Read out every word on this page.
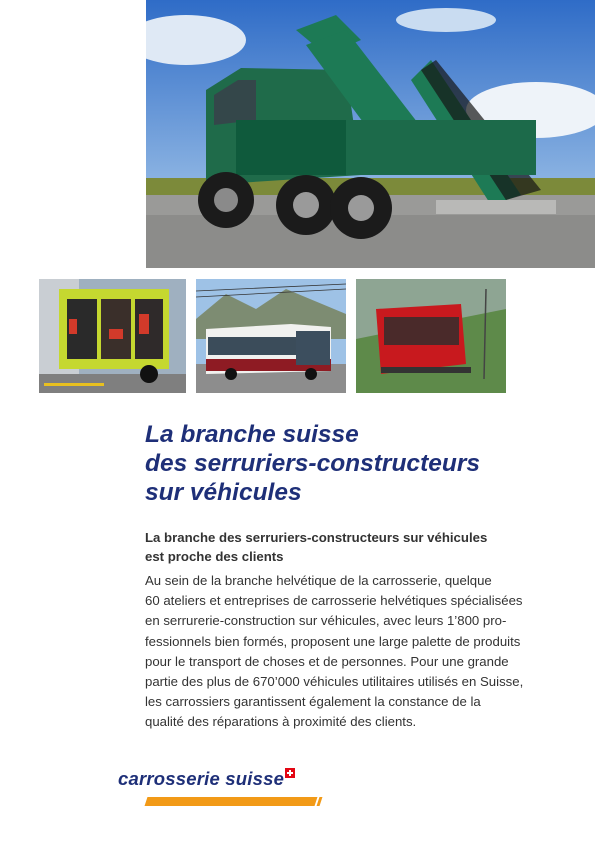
La branche suisse
des serruriers-constructeurs
sur véhicules

La branche des serruriers-constructeurs sur véhicules
est proche des clients

Au sein de la branche helvétique de la carrosserie, quelque
60 ateliers et entreprises de carrosserie helvétiques spécialisées
en serrurerie-construction sur véhicules, avec leurs 1’800 pro-
fessionnels bien formés, proposent une large palette de produits
pour le transport de choses et de personnes. Pour une grande
partie des plus de 670’000 véhicules utilitaires utilisés en Suisse,
les carrossiers garantissent également la constance de la
qualité des réparations à proximité des clients.

carrosserie suisse
